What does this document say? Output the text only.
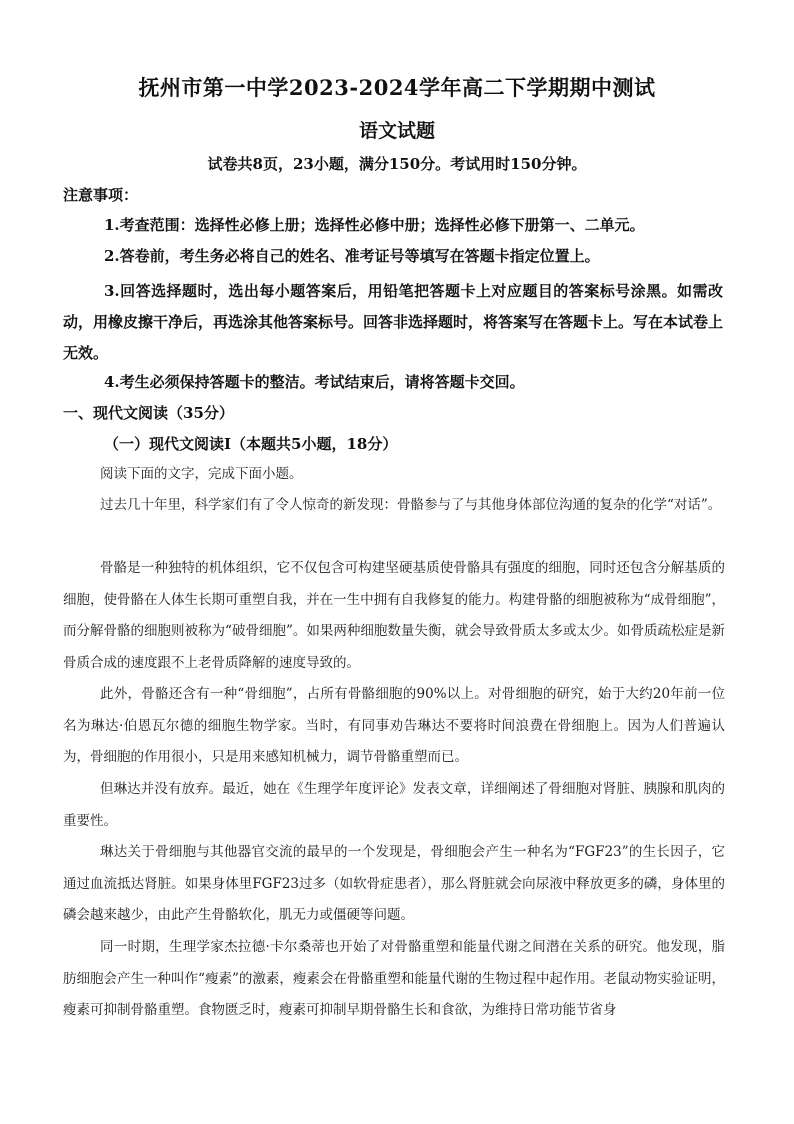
抚州市第一中学2023-2024学年高二下学期期中测试
语文试题
试卷共8页，23小题，满分150分。考试用时150分钟。
注意事项：
1.考查范围：选择性必修上册；选择性必修中册；选择性必修下册第一、二单元。
2.答卷前，考生务必将自己的姓名、准考证号等填写在答题卡指定位置上。
3.回答选择题时，选出每小题答案后，用铅笔把答题卡上对应题目的答案标号涂黑。如需改动，用橡皮擦干净后，再选涂其他答案标号。回答非选择题时，将答案写在答题卡上。写在本试卷上无效。
4.考生必须保持答题卡的整洁。考试结束后，请将答题卡交回。
一、现代文阅读（35分）
（一）现代文阅读Ⅰ（本题共5小题，18分）
阅读下面的文字，完成下面小题。
过去几十年里，科学家们有了令人惊奇的新发现：骨骼参与了与其他身体部位沟通的复杂的化学“对话”。
骨骼是一种独特的机体组织，它不仅包含可构建坚硬基质使骨骼具有强度的细胞，同时还包含分解基质的细胞，使骨骼在人体生长期可重塑自我，并在一生中拥有自我修复的能力。构建骨骼的细胞被称为“成骨细胞”，而分解骨骼的细胞则被称为“破骨细胞”。如果两种细胞数量失衡，就会导致骨质太多或太少。如骨质疏松症是新骨质合成的速度跟不上老骨质降解的速度导致的。
此外，骨骼还含有一种“骨细胞”，占所有骨骼细胞的90%以上。对骨细胞的研究，始于大约20年前一位名为琳达·伯恩瓦尔德的细胞生物学家。当时，有同事劝告琳达不要将时间浪费在骨细胞上。因为人们普遍认为，骨细胞的作用很小，只是用来感知机械力，调节骨骼重塑而已。
但琳达并没有放弃。最近，她在《生理学年度评论》发表文章，详细阐述了骨细胞对肾脏、胰腺和肌肉的重要性。
琳达关于骨细胞与其他器官交流的最早的一个发现是，骨细胞会产生一种名为“FGF23”的生长因子，它通过血流抵达肾脏。如果身体里FGF23过多（如软骨症患者），那么肾脏就会向尿液中释放更多的磷，身体里的磷会越来越少，由此产生骨骼软化，肌无力或僵硬等问题。
同一时期，生理学家杰拉德·卡尔桑蒂也开始了对骨骼重塑和能量代谢之间潜在关系的研究。他发现，脂肪细胞会产生一种叫作“瘦素”的激素，瘦素会在骨骼重塑和能量代谢的生物过程中起作用。老鼠动物实验证明，瘦素可抑制骨骼重塑。食物匮乏时，瘦素可抑制早期骨骼生长和食欲，为维持日常功能节省身
